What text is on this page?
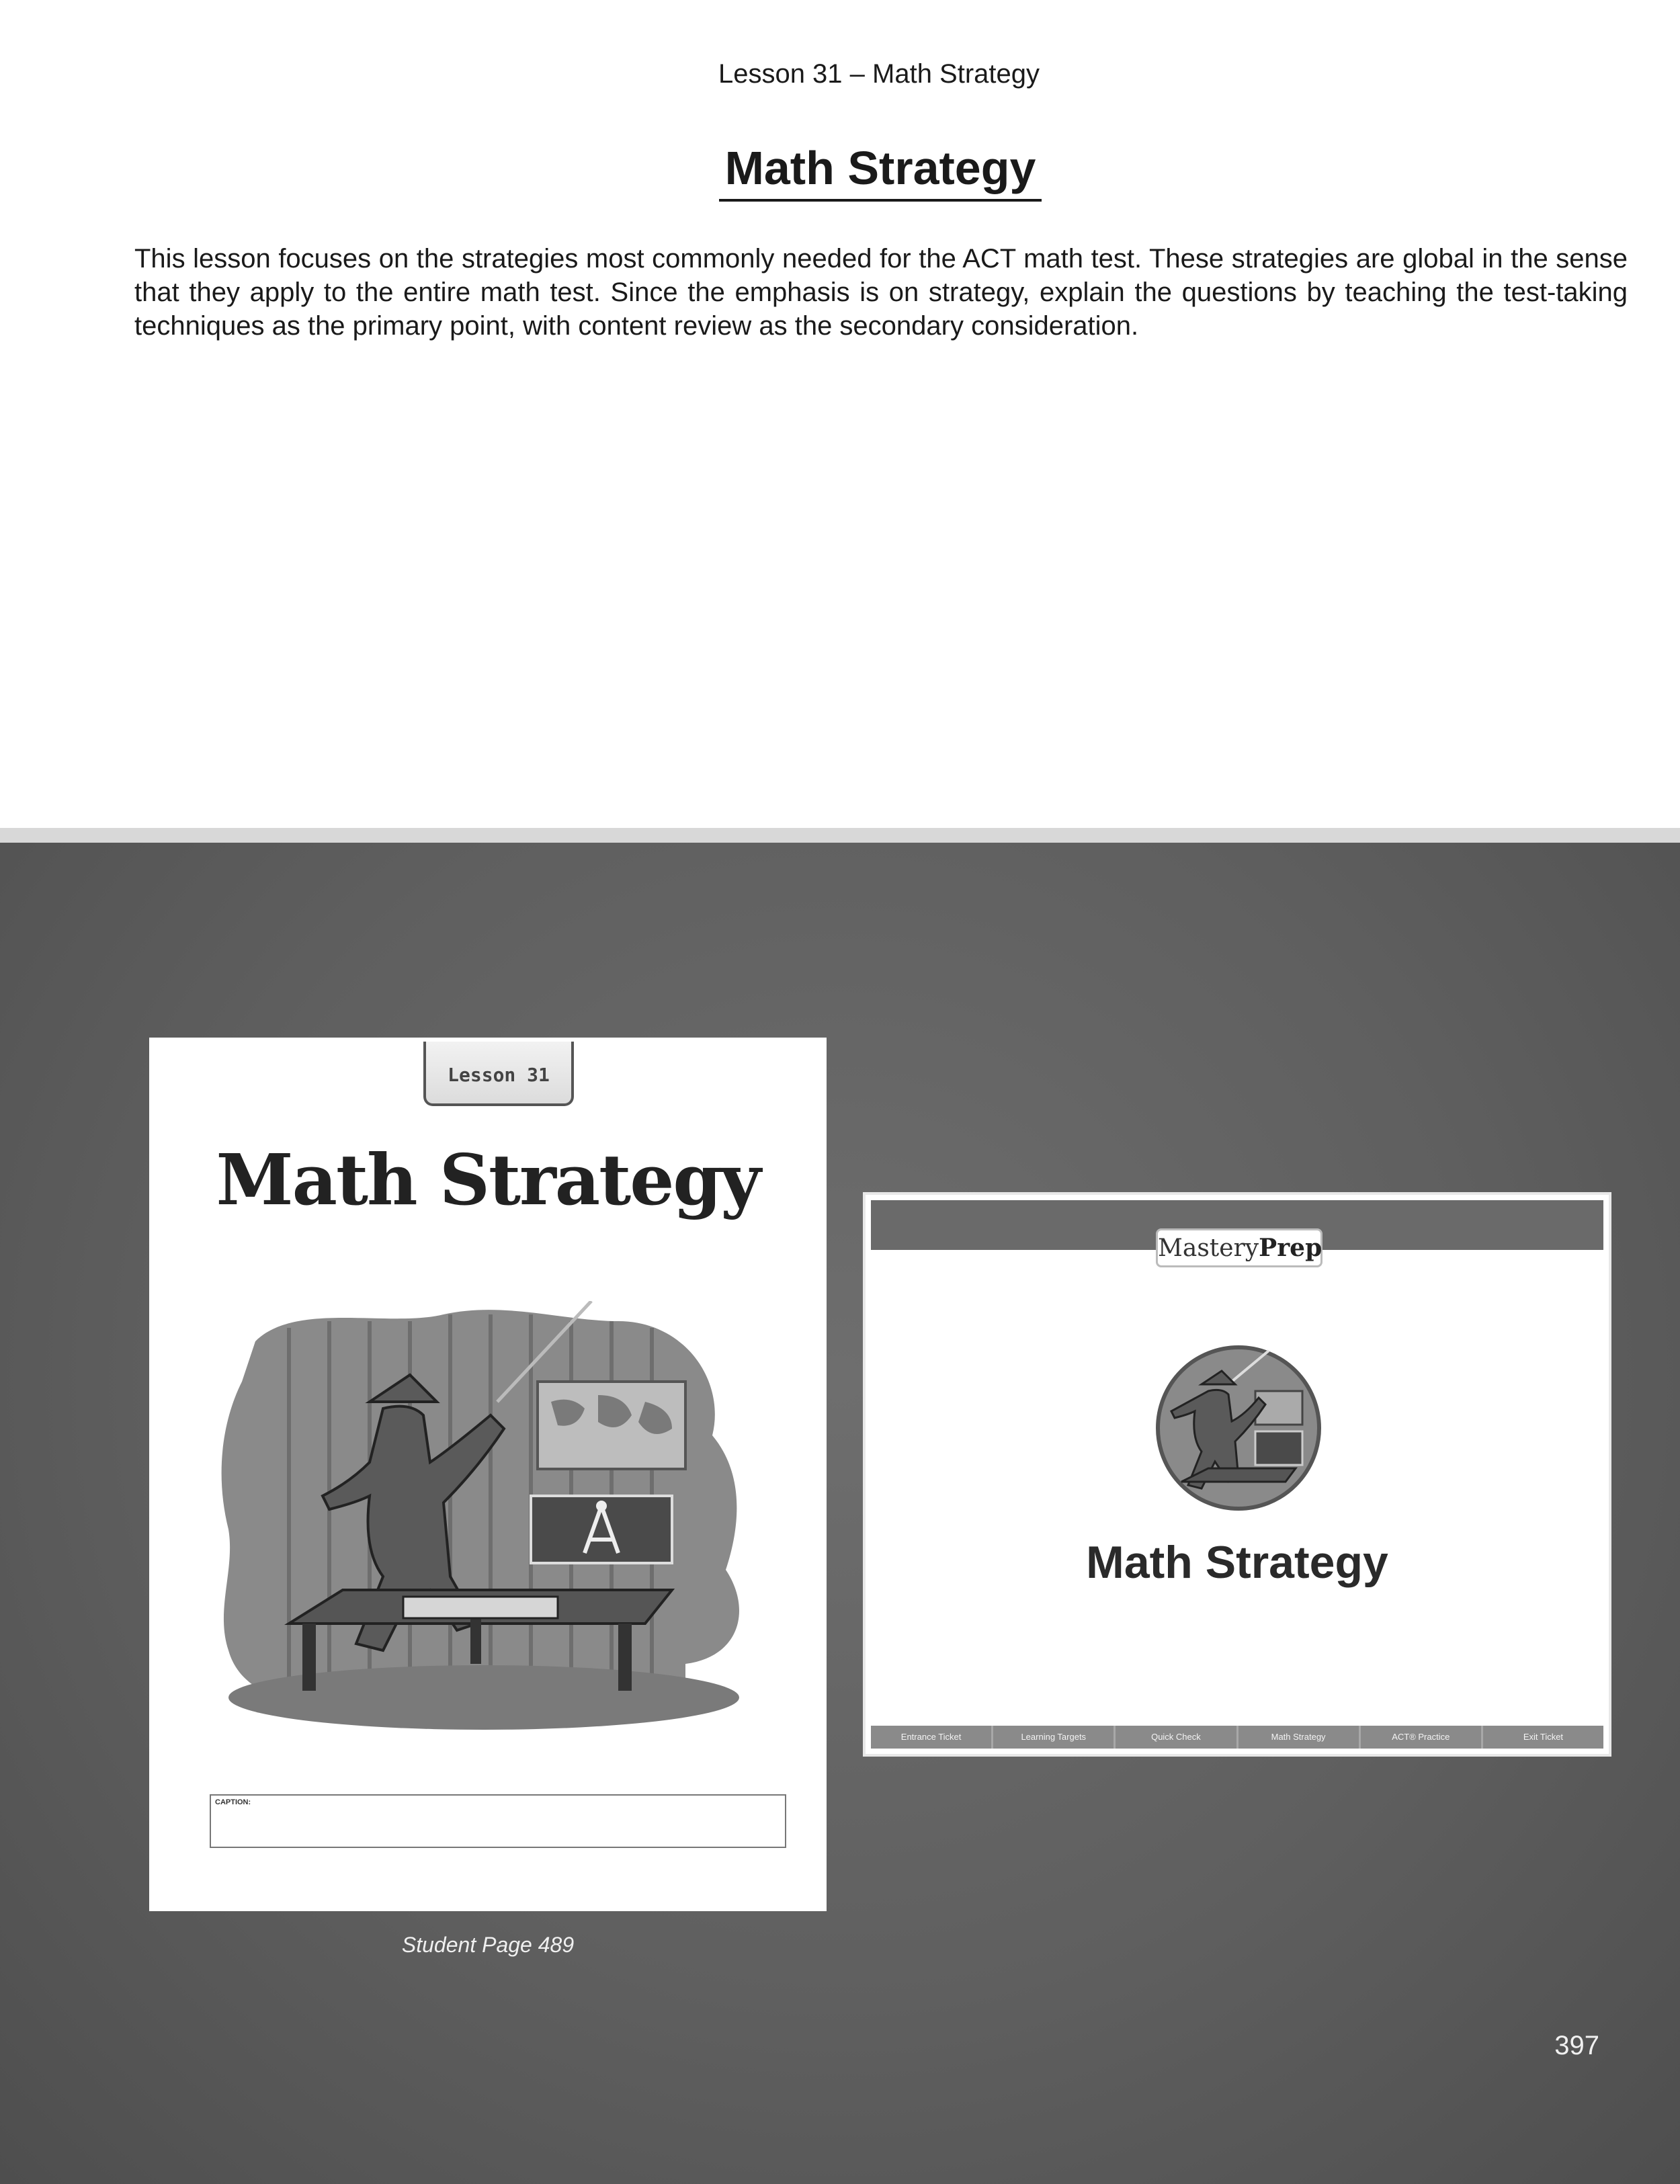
Lesson 31 – Math Strategy
Math Strategy
This lesson focuses on the strategies most commonly needed for the ACT math test. These strategies are global in the sense that they apply to the entire math test. Since the emphasis is on strategy, explain the questions by teaching the test-taking techniques as the primary point, with content review as the secondary consideration.
Lesson 31
Math Strategy
CAPTION:
Student Page 489
MasteryPrep
Math Strategy
Entrance Ticket	Learning Targets	Quick Check	Math Strategy	ACT® Practice	Exit Ticket
397
